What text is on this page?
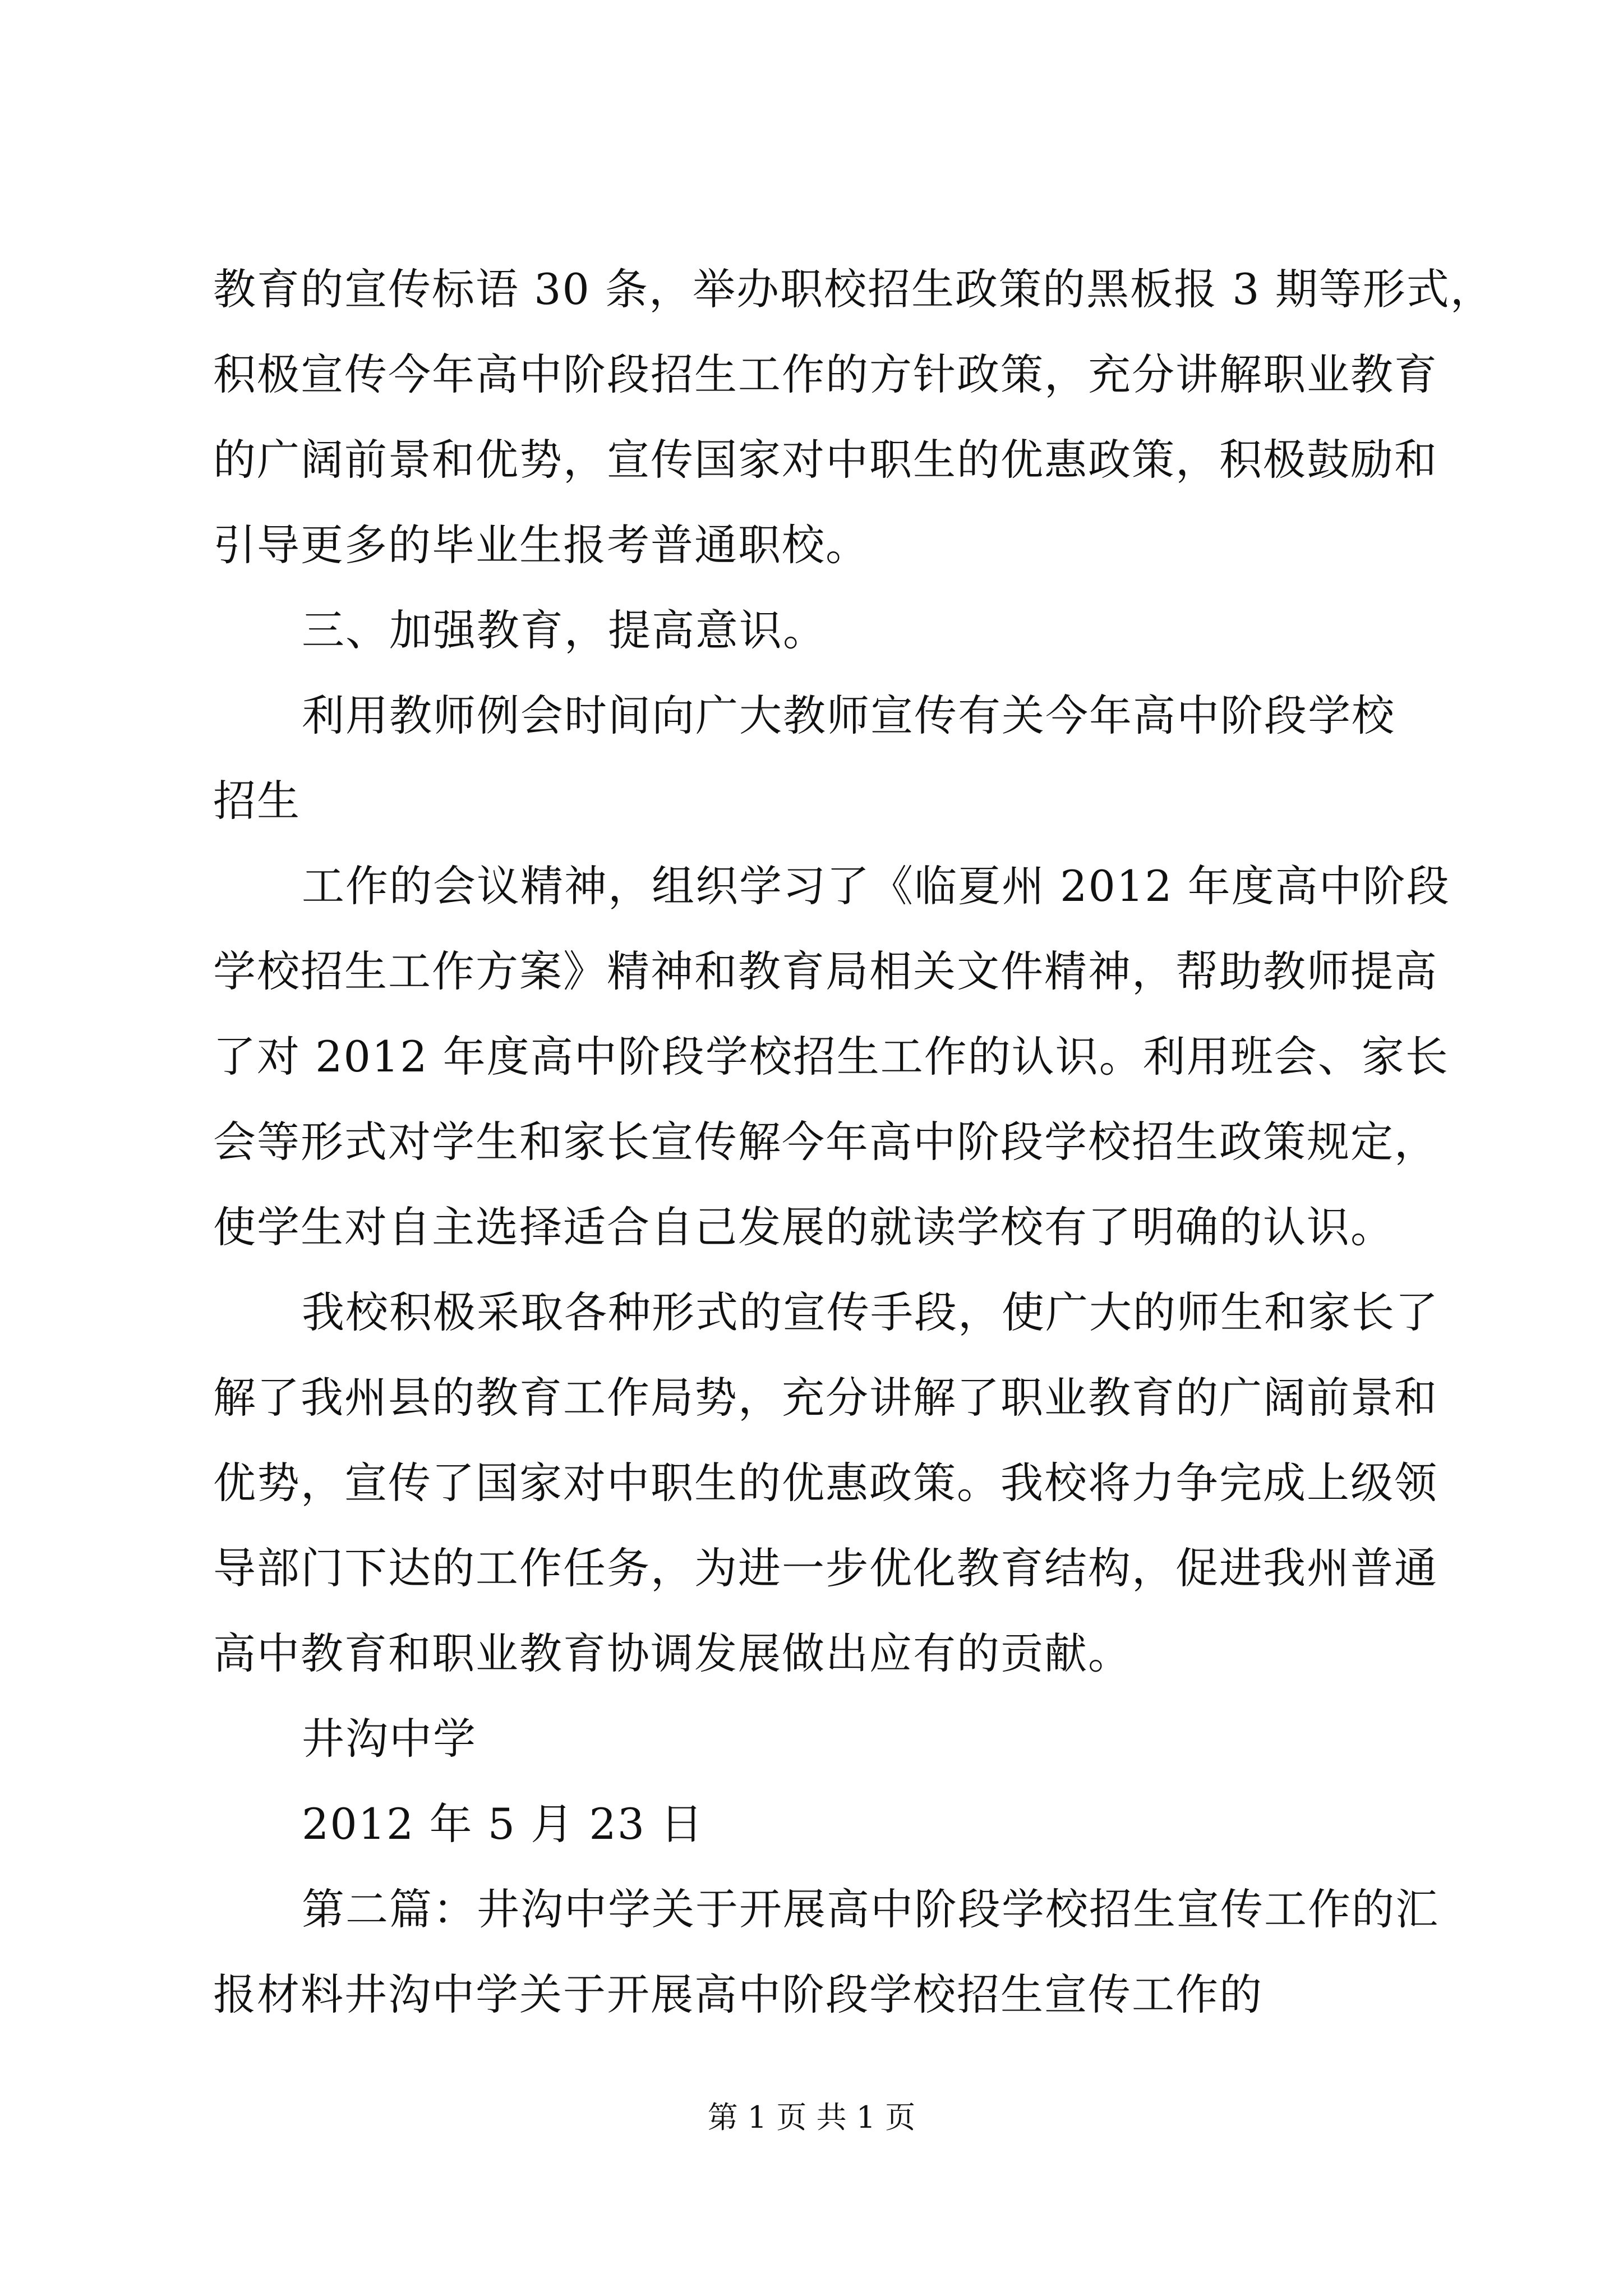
教育的宣传标语 30 条，举办职校招生政策的黑板报 3 期等形式，
积极宣传今年高中阶段招生工作的方针政策，充分讲解职业教育
的广阔前景和优势，宣传国家对中职生的优惠政策，积极鼓励和
引导更多的毕业生报考普通职校。
三、加强教育，提高意识。
利用教师例会时间向广大教师宣传有关今年高中阶段学校
招生
工作的会议精神，组织学习了《临夏州 2012 年度高中阶段
学校招生工作方案》精神和教育局相关文件精神，帮助教师提高
了对 2012 年度高中阶段学校招生工作的认识。利用班会、家长
会等形式对学生和家长宣传解今年高中阶段学校招生政策规定，
使学生对自主选择适合自己发展的就读学校有了明确的认识。
我校积极采取各种形式的宣传手段，使广大的师生和家长了
解了我州县的教育工作局势，充分讲解了职业教育的广阔前景和
优势，宣传了国家对中职生的优惠政策。我校将力争完成上级领
导部门下达的工作任务，为进一步优化教育结构，促进我州普通
高中教育和职业教育协调发展做出应有的贡献。
井沟中学
2012 年 5 月 23 日
第二篇：井沟中学关于开展高中阶段学校招生宣传工作的汇
报材料井沟中学关于开展高中阶段学校招生宣传工作的
第 1 页 共 1 页
